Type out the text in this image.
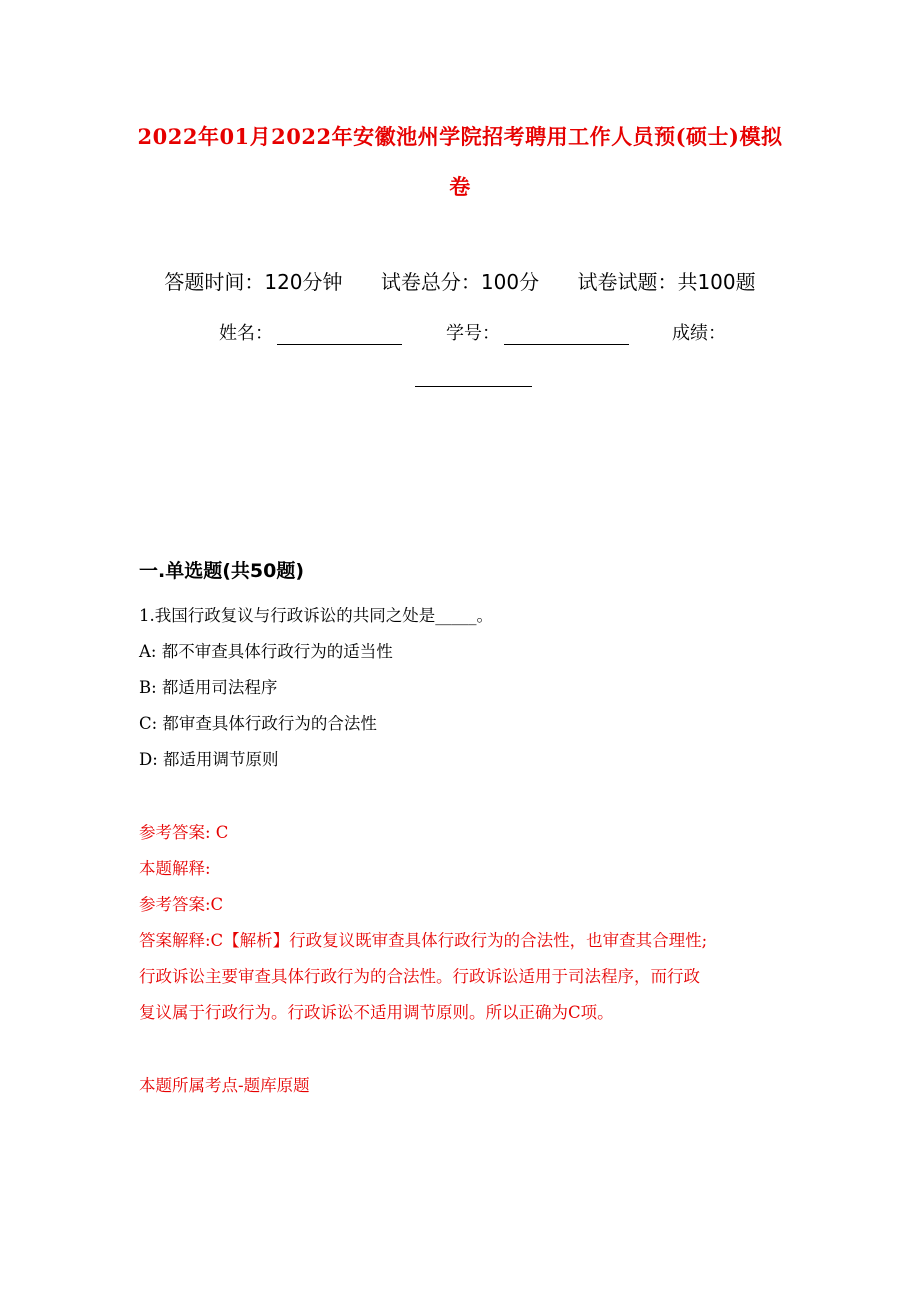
2022年01月2022年安徽池州学院招考聘用工作人员预(硕士)模拟
卷
答题时间：120分钟 试卷总分：100分 试卷试题：共100题
姓名：	学号：	成绩：
一.单选题(共50题)
1.我国行政复议与行政诉讼的共同之处是_____。
A: 都不审查具体行政行为的适当性
B: 都适用司法程序
C: 都审查具体行政行为的合法性
D: 都适用调节原则
参考答案: C
本题解释:
参考答案:C
答案解释:C【解析】行政复议既审查具体行政行为的合法性，也审查其合理性;
行政诉讼主要审查具体行政行为的合法性。行政诉讼适用于司法程序，而行政
复议属于行政行为。行政诉讼不适用调节原则。所以正确为C项。
本题所属考点-题库原题
